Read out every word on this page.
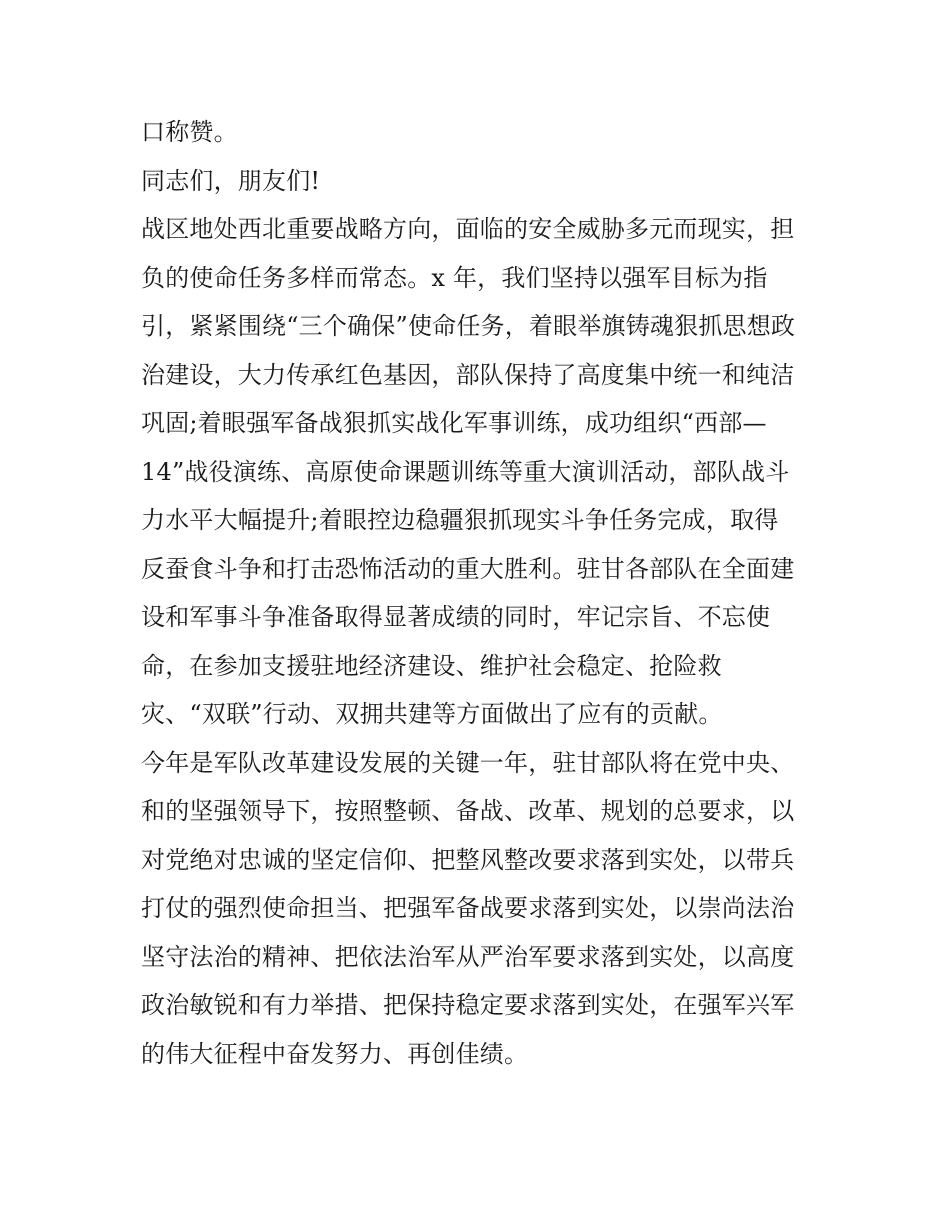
口称赞。
同志们，朋友们!
战区地处西北重要战略方向，面临的安全威胁多元而现实，担
负的使命任务多样而常态。x 年，我们坚持以强军目标为指
引，紧紧围绕“三个确保”使命任务，着眼举旗铸魂狠抓思想政
治建设，大力传承红色基因，部队保持了高度集中统一和纯洁
巩固;着眼强军备战狠抓实战化军事训练，成功组织“西部—
14”战役演练、高原使命课题训练等重大演训活动，部队战斗
力水平大幅提升;着眼控边稳疆狠抓现实斗争任务完成，取得
反蚕食斗争和打击恐怖活动的重大胜利。驻甘各部队在全面建
设和军事斗争准备取得显著成绩的同时，牢记宗旨、不忘使
命，在参加支援驻地经济建设、维护社会稳定、抢险救
灾、“双联”行动、双拥共建等方面做出了应有的贡献。
今年是军队改革建设发展的关键一年，驻甘部队将在党中央、
和的坚强领导下，按照整顿、备战、改革、规划的总要求，以
对党绝对忠诚的坚定信仰、把整风整改要求落到实处，以带兵
打仗的强烈使命担当、把强军备战要求落到实处，以崇尚法治
坚守法治的精神、把依法治军从严治军要求落到实处，以高度
政治敏锐和有力举措、把保持稳定要求落到实处，在强军兴军
的伟大征程中奋发努力、再创佳绩。
